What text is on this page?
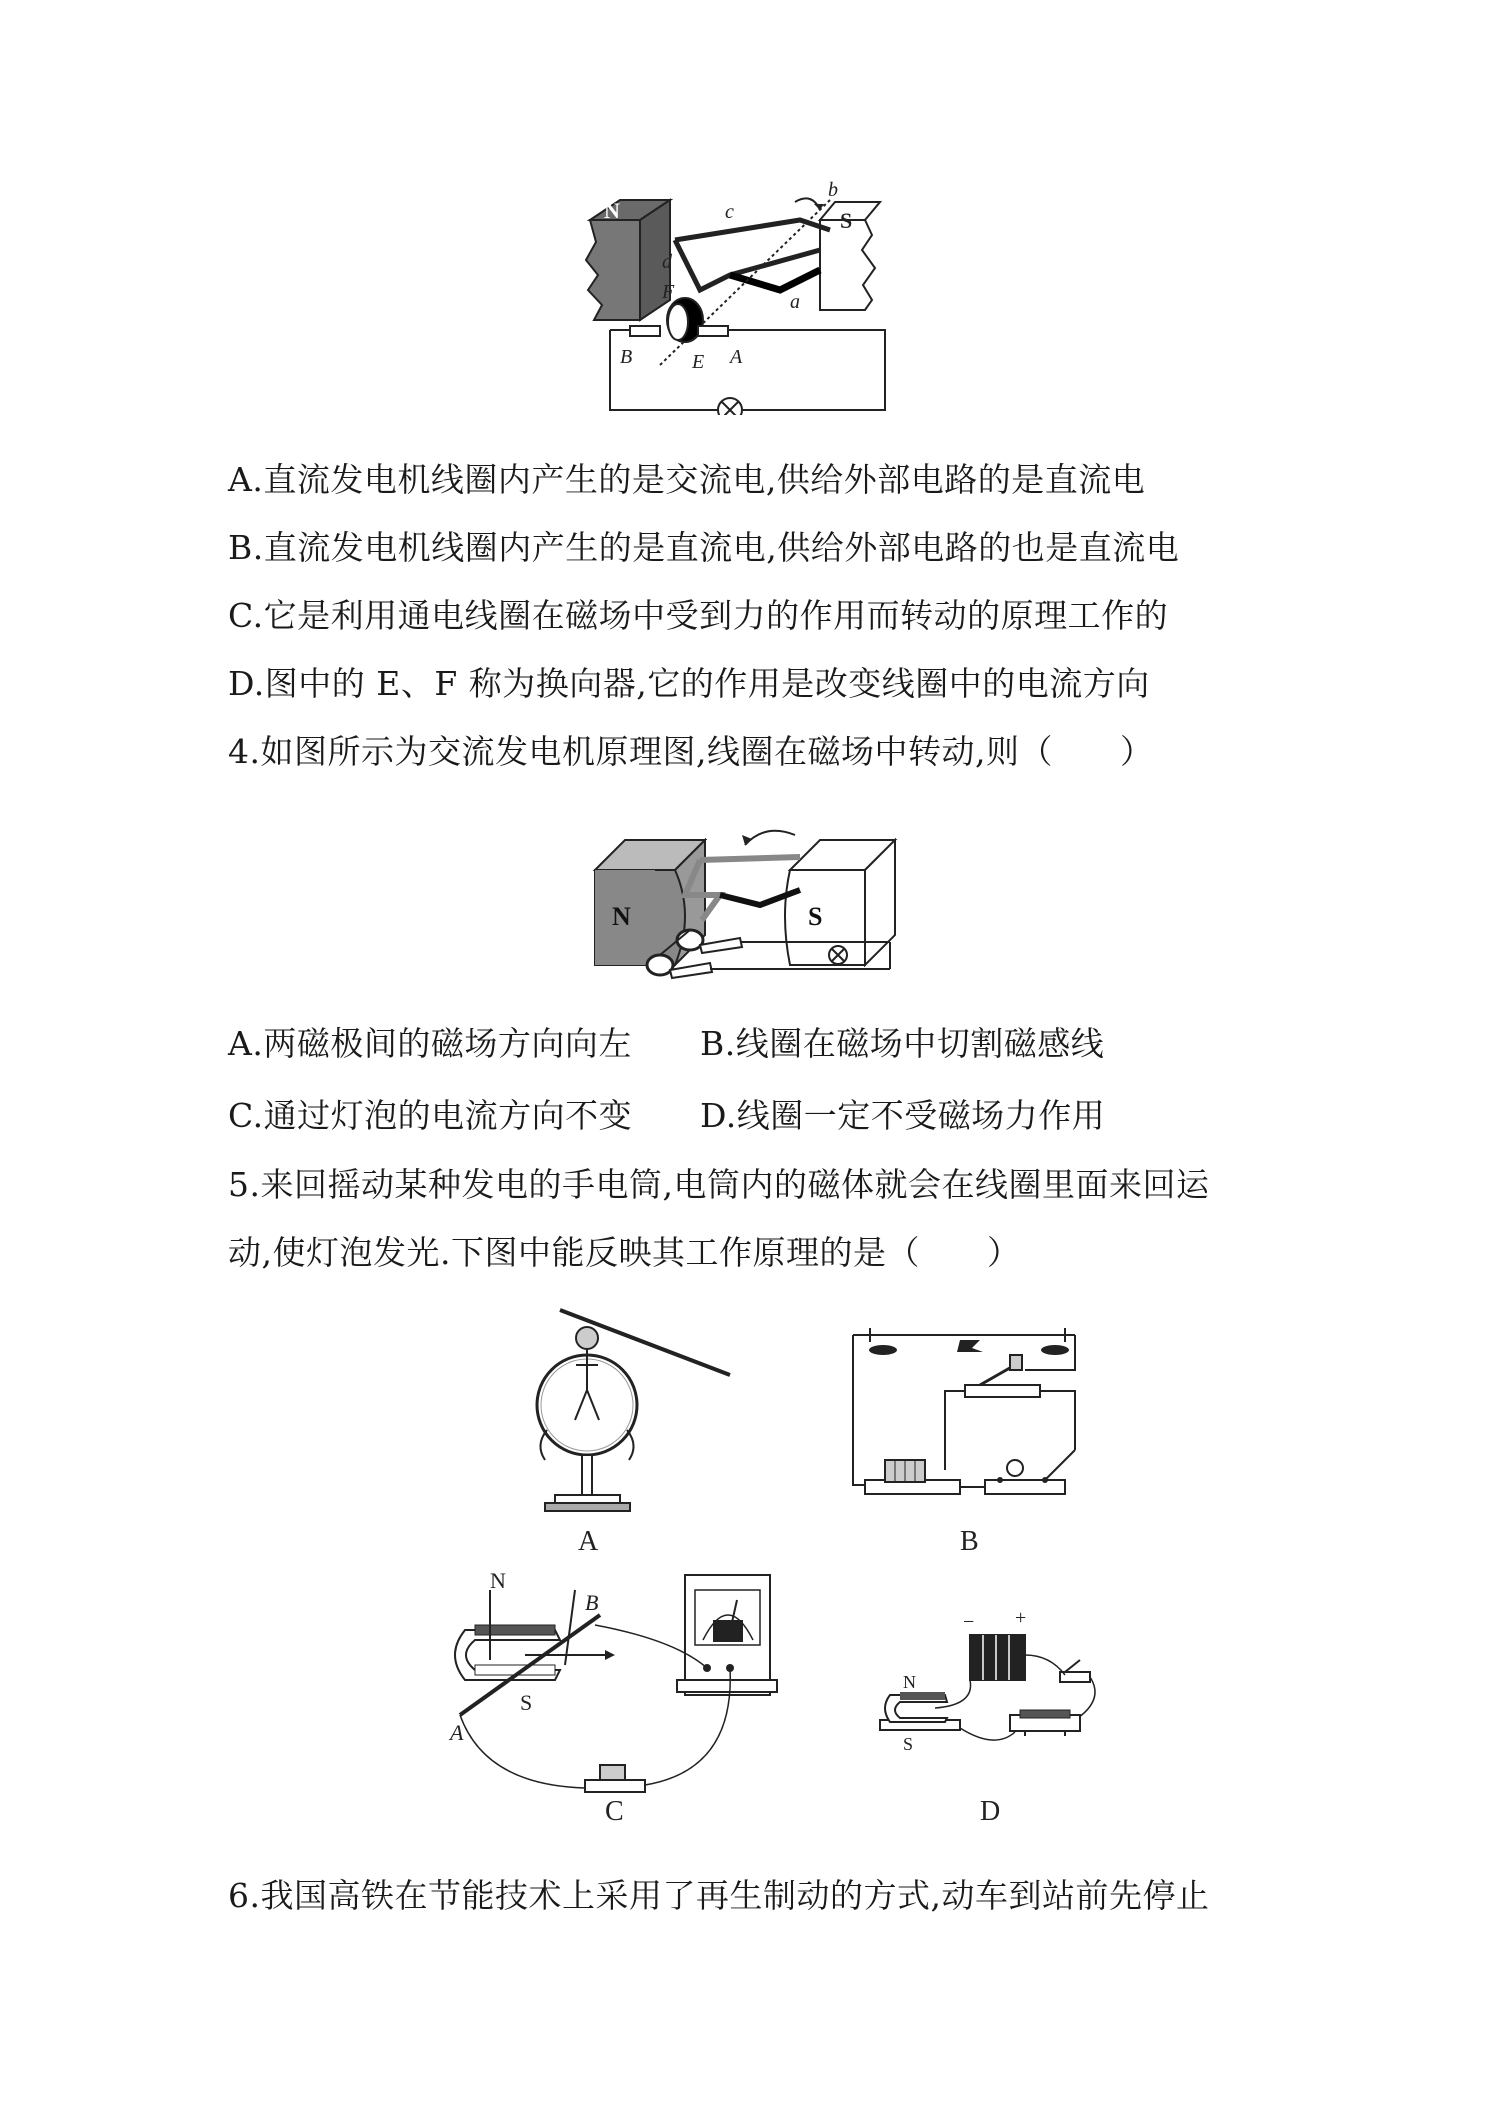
N	S
a
b
c
d
F
B	E A
A.直流发电机线圈内产生的是交流电,供给外部电路的是直流电
B.直流发电机线圈内产生的是直流电,供给外部电路的也是直流电
C.它是利用通电线圈在磁场中受到力的作用而转动的原理工作的
D.图中的 E、F 称为换向器,它的作用是改变线圈中的电流方向
4.如图所示为交流发电机原理图,线圈在磁场中转动,则（　　）
N	S
A.两磁极间的磁场方向向左 B.线圈在磁场中切割磁感线
C.通过灯泡的电流方向不变 D.线圈一定不受磁场力作用
5.来回摇动某种发电的手电筒,电筒内的磁体就会在线圈里面来回运
动,使灯泡发光.下图中能反映其工作原理的是（　　）
A	B
N
S
A
B
C
− +
N
S
D
6.我国高铁在节能技术上采用了再生制动的方式,动车到站前先停止
